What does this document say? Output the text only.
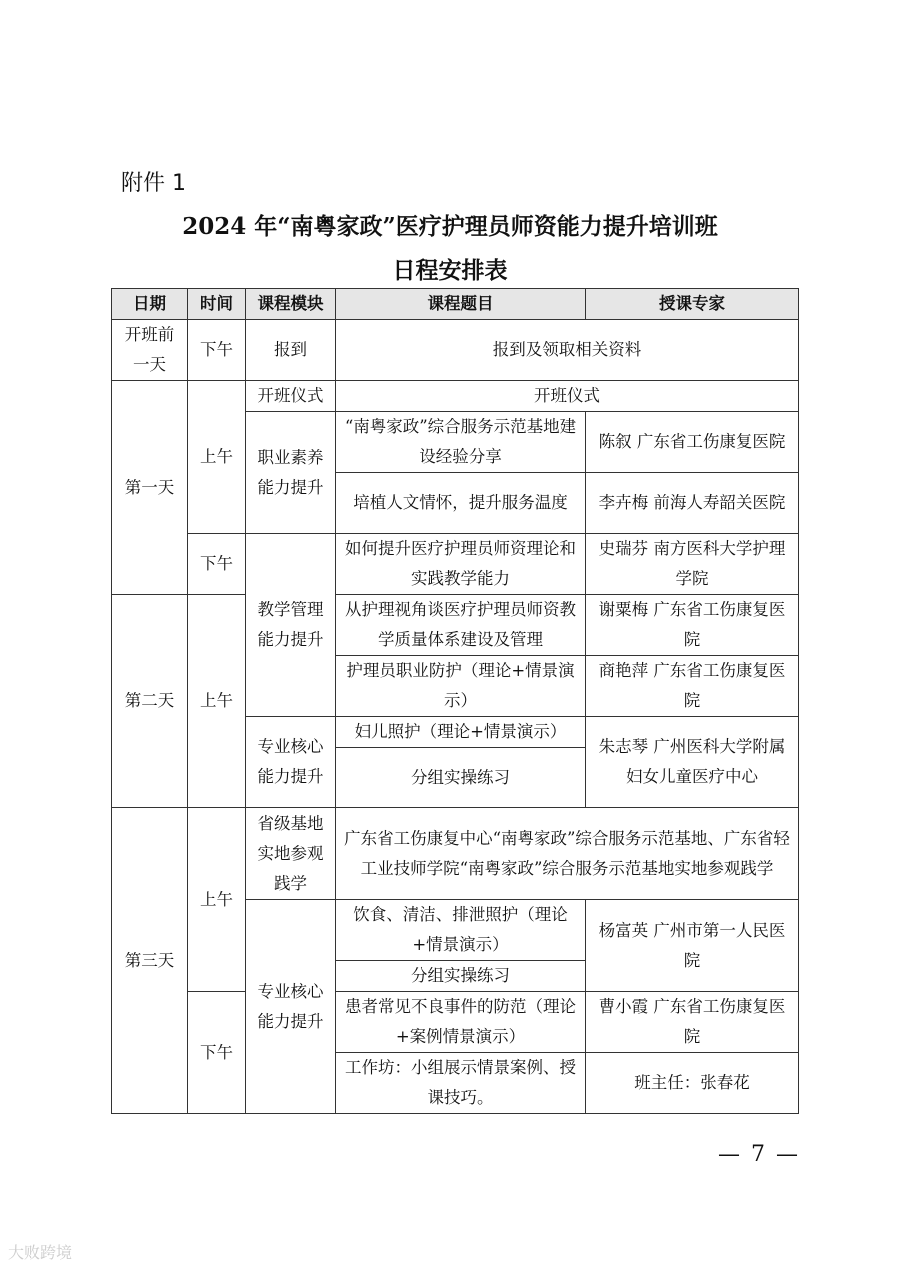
附件 1
2024 年“南粤家政”医疗护理员师资能力提升培训班
日程安排表
日期	时间	课程模块	课程题目	授课专家
开班前一天	下午	报到	报到及领取相关资料	
第一天	上午	开班仪式	开班仪式	
		职业素养能力提升	“南粤家政”综合服务示范基地建设经验分享	陈叙 广东省工伤康复医院
			培植人文情怀，提升服务温度	李卉梅 前海人寿韶关医院
	下午	教学管理能力提升	如何提升医疗护理员师资理论和实践教学能力	史瑞芬 南方医科大学护理学院
第二天	上午		从护理视角谈医疗护理员师资教学质量体系建设及管理	谢粟梅 广东省工伤康复医院
			护理员职业防护（理论+情景演示）	商艳萍 广东省工伤康复医院
		专业核心能力提升	妇儿照护（理论+情景演示）	朱志琴 广州医科大学附属妇女儿童医疗中心
			分组实操练习	

第三天	上午	省级基地实地参观践学	广东省工伤康复中心“南粤家政”综合服务示范基地、广东省轻工业技师学院“南粤家政”综合服务示范基地实地参观践学	
		专业核心能力提升	饮食、清洁、排泄照护（理论+情景演示）	杨富英 广州市第一人民医院
			分组实操练习	
	下午		患者常见不良事件的防范（理论+案例情景演示）	曹小霞 广东省工伤康复医院
			工作坊：小组展示情景案例、授课技巧。	班主任：张春花

— 7 —
大败跨境
